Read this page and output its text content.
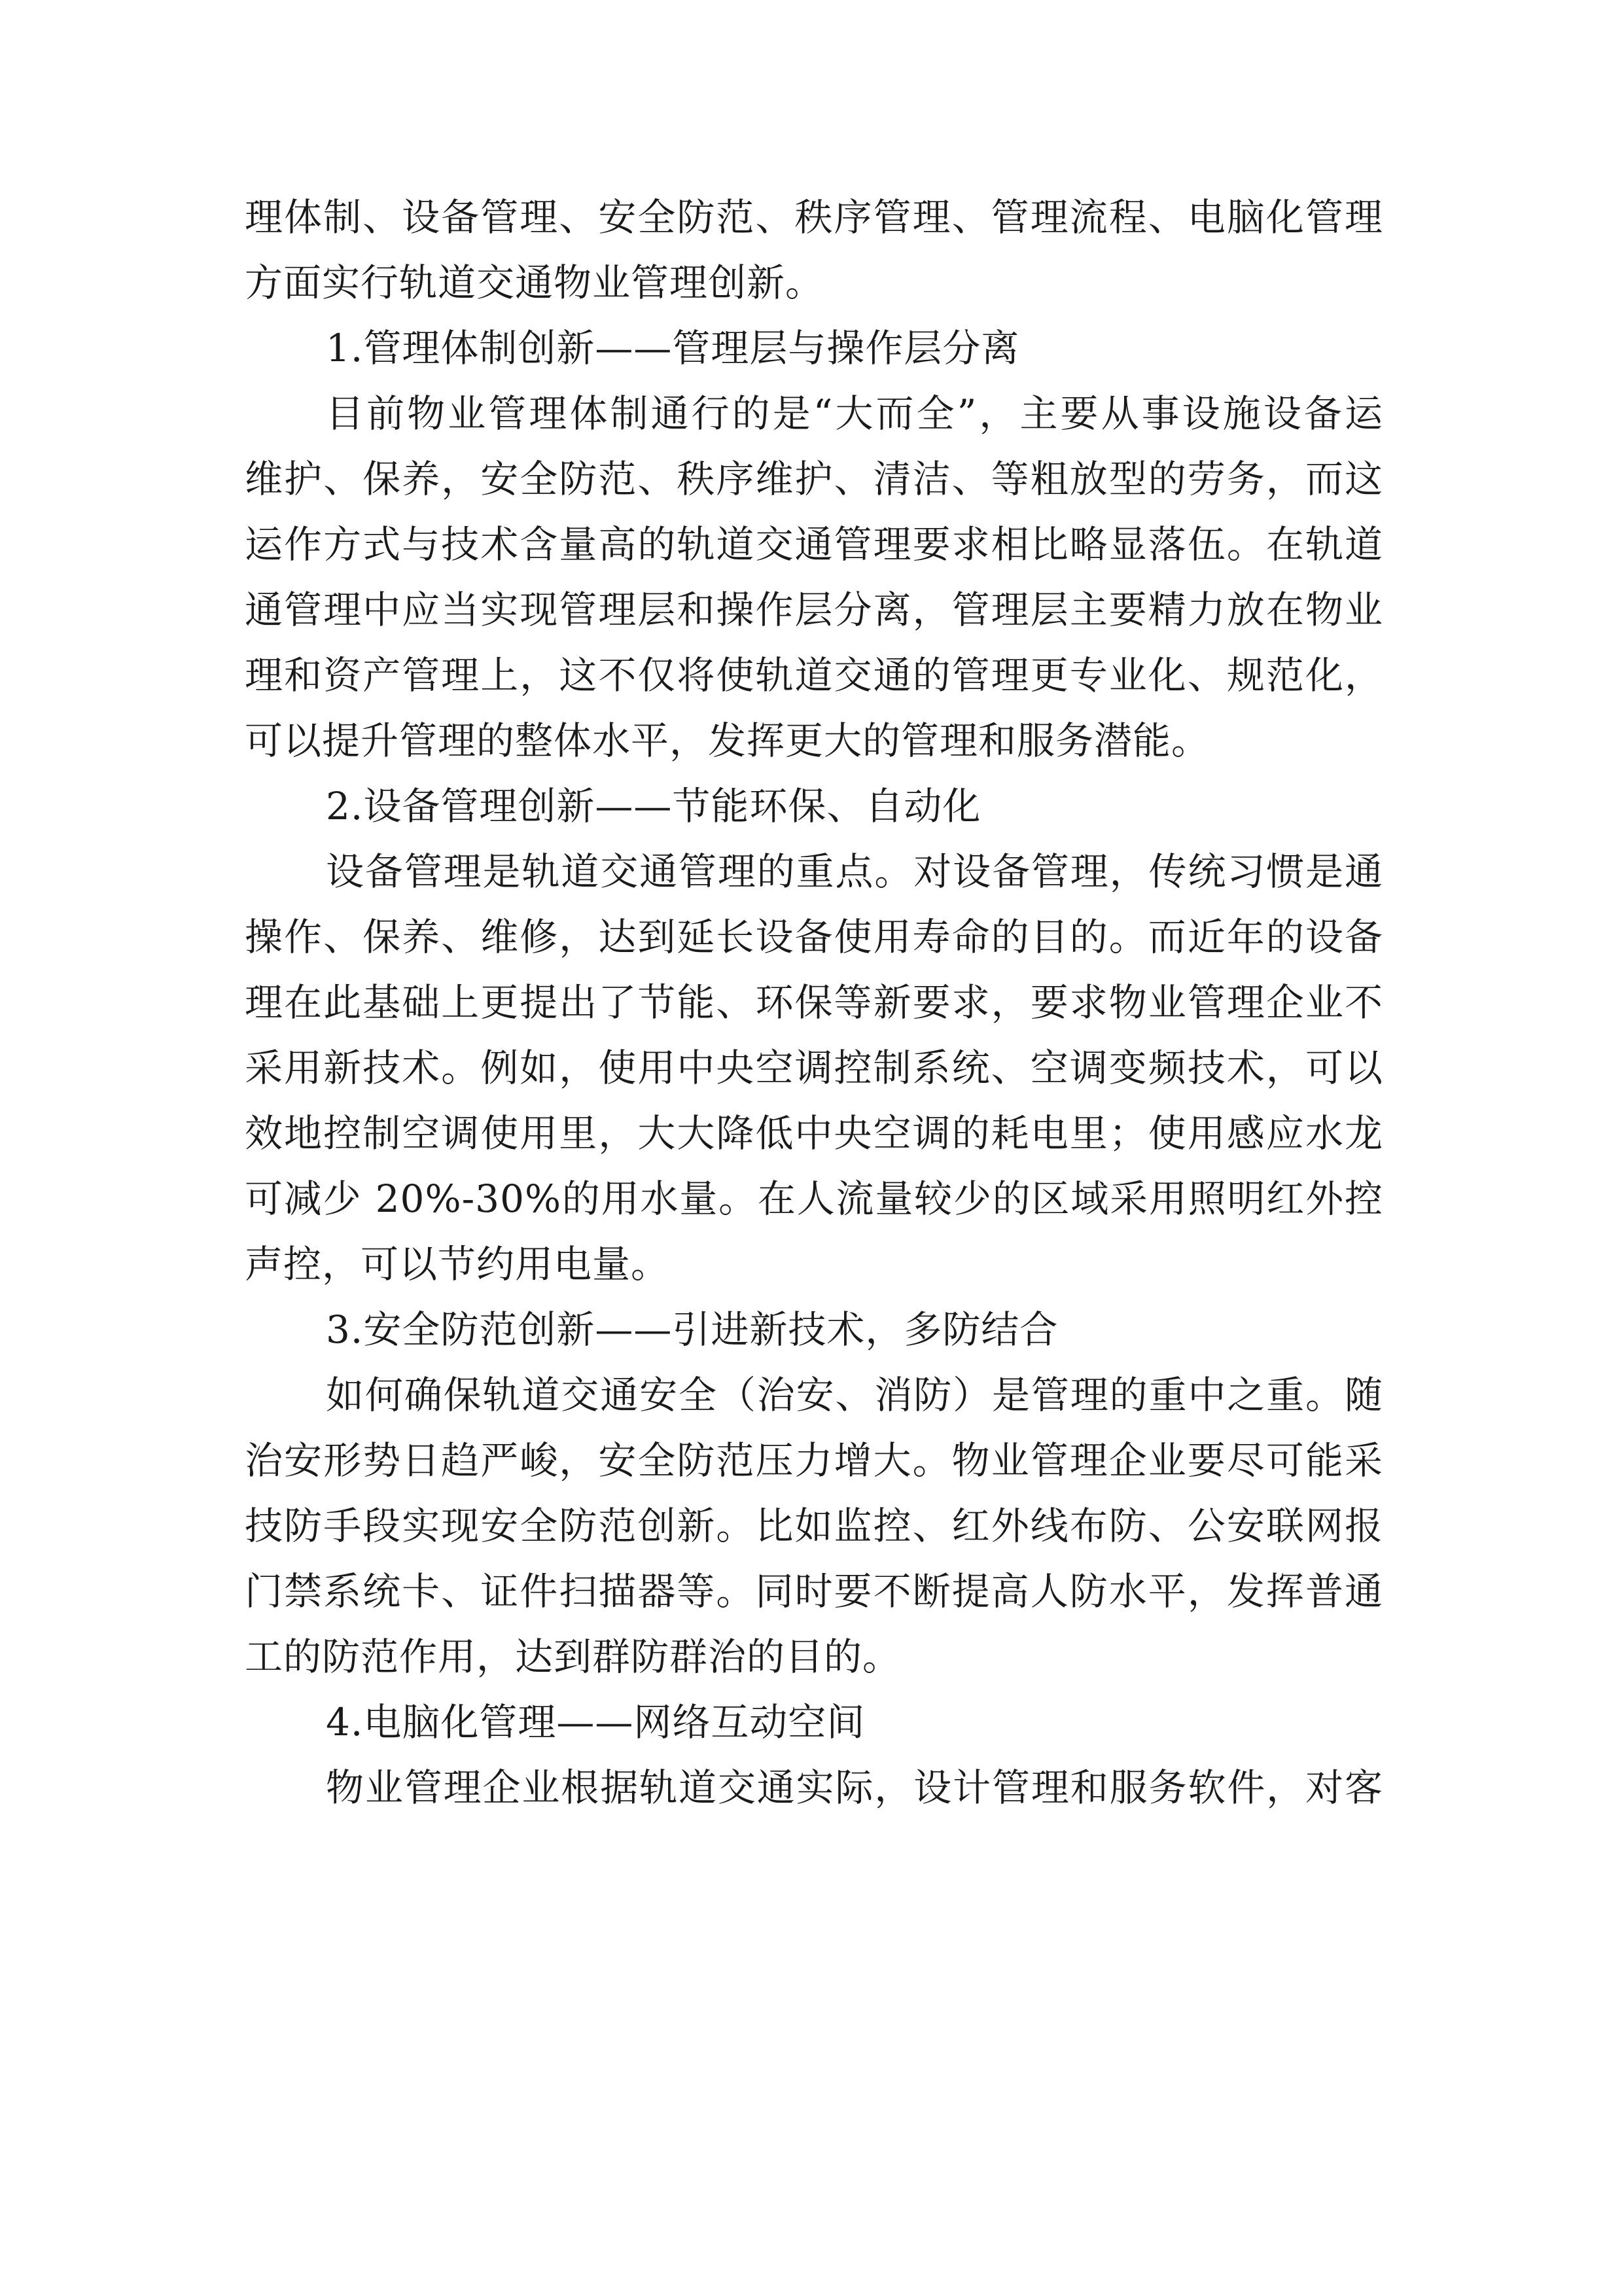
理体制、设备管理、安全防范、秩序管理、管理流程、电脑化管理
方面实行轨道交通物业管理创新。
1.管理体制创新——管理层与操作层分离
目前物业管理体制通行的是“大而全”，主要从事设施设备运
维护、保养，安全防范、秩序维护、清洁、等粗放型的劳务，而这
运作方式与技术含量高的轨道交通管理要求相比略显落伍。在轨道
通管理中应当实现管理层和操作层分离，管理层主要精力放在物业
理和资产管理上，这不仅将使轨道交通的管理更专业化、规范化，
可以提升管理的整体水平，发挥更大的管理和服务潜能。
2.设备管理创新——节能环保、自动化
设备管理是轨道交通管理的重点。对设备管理，传统习惯是通
操作、保养、维修，达到延长设备使用寿命的目的。而近年的设备
理在此基础上更提出了节能、环保等新要求，要求物业管理企业不
采用新技术。例如，使用中央空调控制系统、空调变频技术，可以
效地控制空调使用里，大大降低中央空调的耗电里；使用感应水龙
可减少 20%-30%的用水量。在人流量较少的区域采用照明红外控
声控，可以节约用电量。
3.安全防范创新——引进新技术，多防结合
如何确保轨道交通安全（治安、消防）是管理的重中之重。随
治安形势日趋严峻，安全防范压力增大。物业管理企业要尽可能采
技防手段实现安全防范创新。比如监控、红外线布防、公安联网报
门禁系统卡、证件扫描器等。同时要不断提高人防水平，发挥普通
工的防范作用，达到群防群治的目的。
4.电脑化管理——网络互动空间
物业管理企业根据轨道交通实际，设计管理和服务软件，对客
